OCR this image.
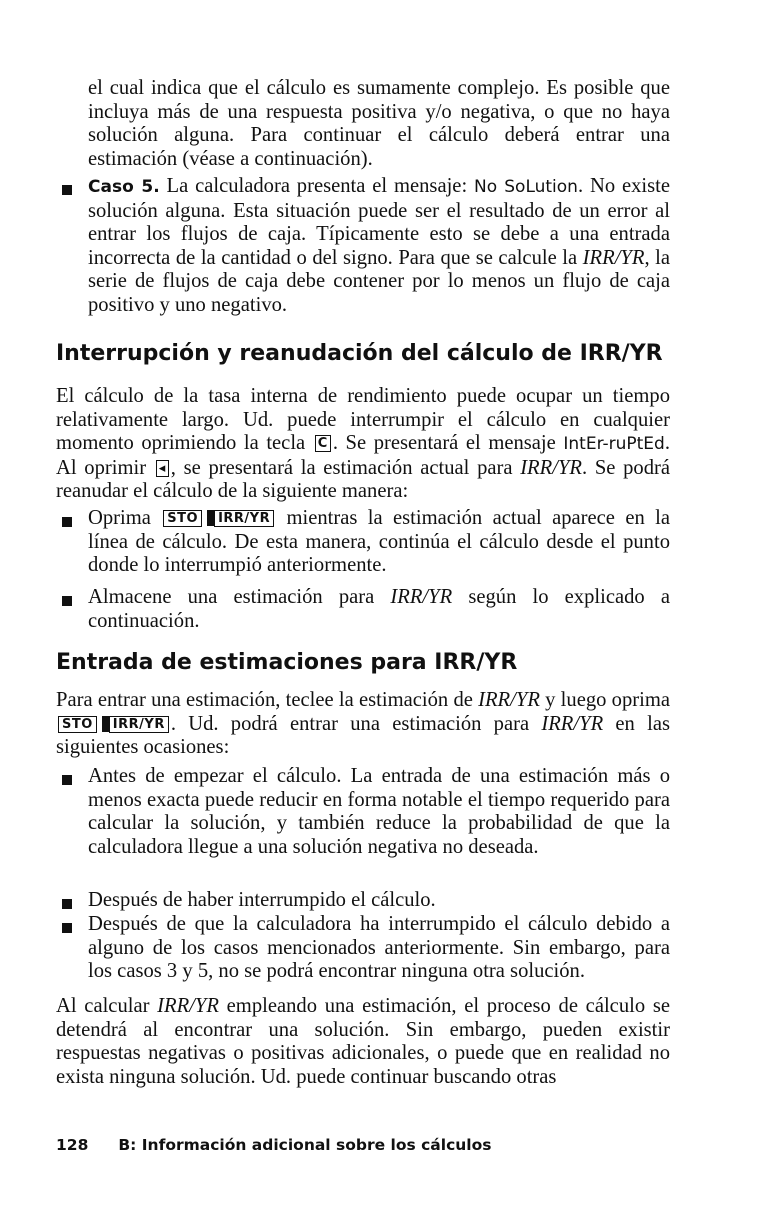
el cual indica que el cálculo es sumamente complejo. Es posible que incluya más de una respuesta positiva y/o negativa, o que no haya solución alguna. Para continuar el cálculo deberá entrar una estimación (véase a continuación).

Caso 5. La calculadora presenta el mensaje: No SoLution. No existe solución alguna. Esta situación puede ser el resultado de un error al entrar los flujos de caja. Típicamente esto se debe a una entrada incorrecta de la cantidad o del signo. Para que se calcule la IRR/YR, la serie de flujos de caja debe contener por lo menos un flujo de caja positivo y uno negativo.

Interrupción y reanudación del cálculo de IRR/YR

El cálculo de la tasa interna de rendimiento puede ocupar un tiempo relativamente largo. Ud. puede interrumpir el cálculo en cualquier momento oprimiendo la tecla C . Se presentará el mensaje IntEr-ruPtEd. Al oprimir ◂ , se presentará la estimación actual para IRR/YR. Se podrá reanudar el cálculo de la siguiente manera:

Oprima STO IRR/YR mientras la estimación actual aparece en la línea de cálculo. De esta manera, continúa el cálculo desde el punto donde lo interrumpió anteriormente.

Almacene una estimación para IRR/YR según lo explicado a continuación.

Entrada de estimaciones para IRR/YR

Para entrar una estimación, teclee la estimación de IRR/YR y luego oprima STO IRR/YR . Ud. podrá entrar una estimación para IRR/YR en las siguientes ocasiones:

Antes de empezar el cálculo. La entrada de una estimación más o menos exacta puede reducir en forma notable el tiempo requerido para calcular la solución, y también reduce la probabilidad de que la calculadora llegue a una solución negativa no deseada.

Después de haber interrumpido el cálculo.

Después de que la calculadora ha interrumpido el cálculo debido a alguno de los casos mencionados anteriormente. Sin embargo, para los casos 3 y 5, no se podrá encontrar ninguna otra solución.

Al calcular IRR/YR empleando una estimación, el proceso de cálculo se detendrá al encontrar una solución. Sin embargo, pueden existir respuestas negativas o positivas adicionales, o puede que en realidad no exista ninguna solución. Ud. puede continuar buscando otras

128 B: Información adicional sobre los cálculos
